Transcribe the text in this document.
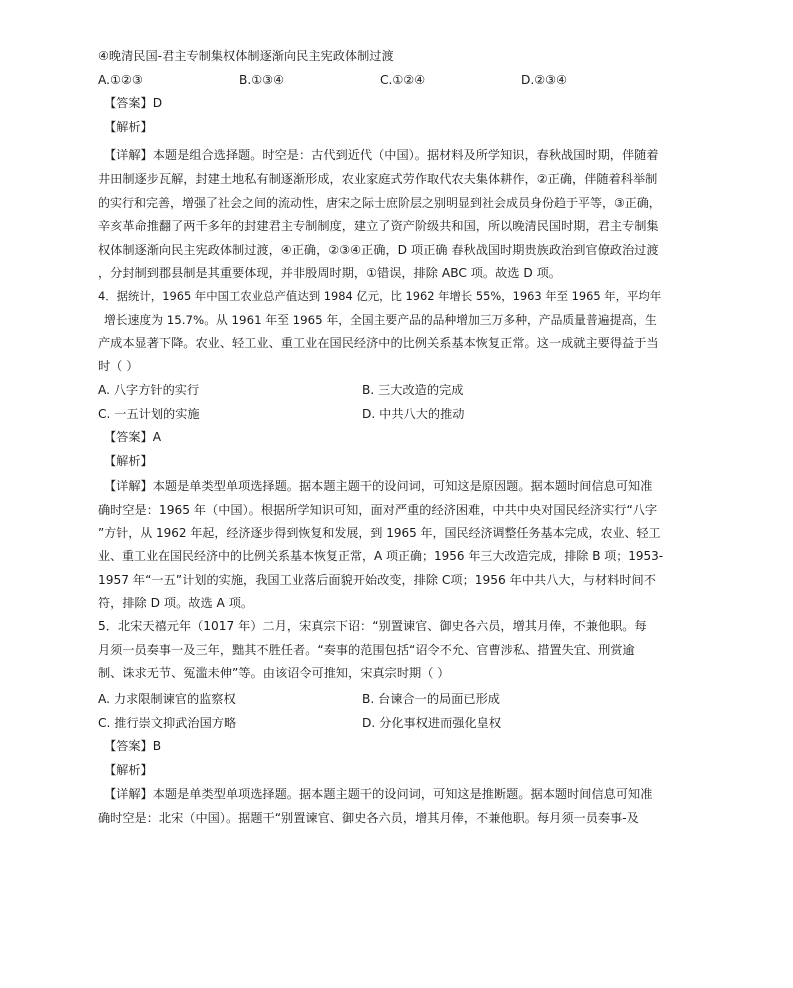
④晚清民国-君主专制集权体制逐渐向民主宪政体制过渡
A.①②③	B.①③④	C.①②④	D.②③④
【答案】D
【解析】
【详解】本题是组合选择题。时空是：古代到近代（中国）。据材料及所学知识，春秋战国时期，伴随着
井田制逐步瓦解，封建土地私有制逐渐形成，农业家庭式劳作取代农夫集体耕作，②正确，伴随着科举制
的实行和完善，增强了社会之间的流动性，唐宋之际士庶阶层之别明显到社会成员身份趋于平等，③正确，
辛亥革命推翻了两千多年的封建君主专制制度，建立了资产阶级共和国，所以晚清民国时期，君主专制集
权体制逐渐向民主宪政体制过渡，④正确，②③④正确，D 项正确 春秋战国时期贵族政治到官僚政治过渡
，分封制到郡县制是其重要体现，并非殷周时期，①错误，排除 ABC 项。故选 D 项。
4．据统计，1965 年中国工农业总产值达到 1984 亿元，比 1962 年增长 55%，1963 年至 1965 年，平均年
增长速度为 15.7%。从 1961 年至 1965 年，全国主要产品的品种增加三万多种，产品质量普遍提高，生
产成本显著下降。农业、轻工业、重工业在国民经济中的比例关系基本恢复正常。这一成就主要得益于当
时（ ）
A. 八字方针的实行	B. 三大改造的完成
C. 一五计划的实施	D. 中共八大的推动
【答案】A
【解析】
【详解】本题是单类型单项选择题。据本题主题干的设问词，可知这是原因题。据本题时间信息可知准
确时空是：1965 年（中国）。根据所学知识可知，面对严重的经济困难，中共中央对国民经济实行“八字
”方针，从 1962 年起，经济逐步得到恢复和发展，到 1965 年，国民经济调整任务基本完成，农业、轻工
业、重工业在国民经济中的比例关系基本恢复正常，A 项正确；1956 年三大改造完成，排除 B 项；1953-
1957 年“一五”计划的实施，我国工业落后面貌开始改变，排除 C项；1956 年中共八大，与材料时间不
符，排除 D 项。故选 A 项。
5．北宋天禧元年（1017 年）二月，宋真宗下诏：“别置谏官、御史各六员，增其月俸，不兼他职。每
月须一员奏事一及三年，黜其不胜任者。“奏事的范围包括“诏令不允、官曹涉私、措置失宜、刑赏逾
制、诛求无节、冤滥未伸”等。由该诏令可推知，宋真宗时期（ ）
A. 力求限制谏官的监察权	B. 台谏合一的局面已形成
C. 推行崇文抑武治国方略	D. 分化事权进而强化皇权
【答案】B
【解析】
【详解】本题是单类型单项选择题。据本题主题干的设问词，可知这是推断题。据本题时间信息可知准
确时空是：北宋（中国）。据题干“别置谏官、御史各六员，增其月俸，不兼他职。每月须一员奏事-及
